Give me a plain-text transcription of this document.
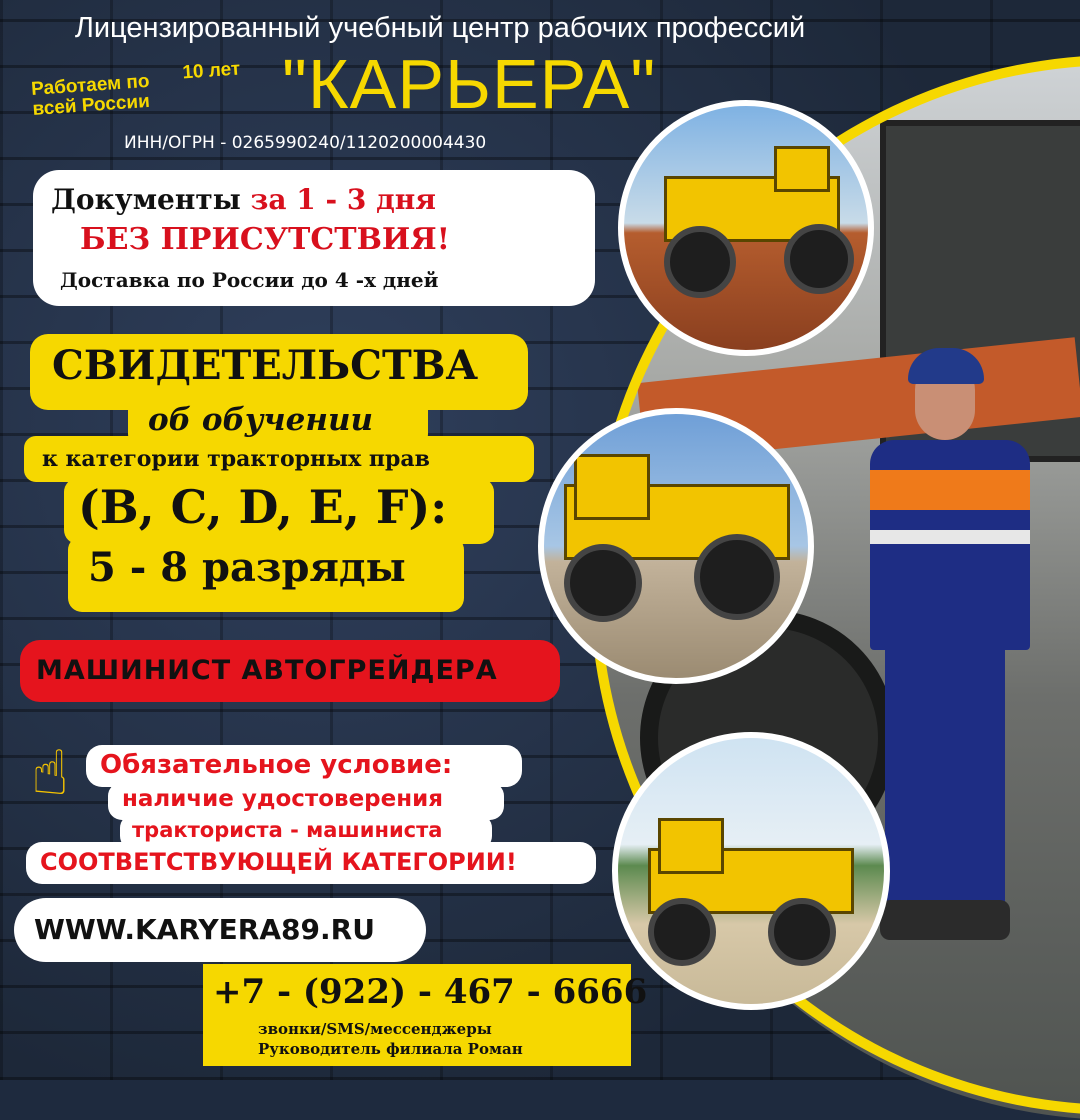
Лицензированный учебный центр рабочих профессий
Работаем по всей России
10 лет "КАРЬЕРА"
ИНН/ОГРН - 0265990240/1120200004430
Документы за 1 - 3 дня
БЕЗ ПРИСУТСТВИЯ!
Доставка по России до 4 -х дней
СВИДЕТЕЛЬСТВА
об обучении
к категории тракторных прав
(B, C, D, E, F):
5 - 8 разряды
МАШИНИСТ АВТОГРЕЙДЕРА
☝	Обязательное условие:
наличие удостоверения
тракториста - машиниста
СООТВЕТСТВУЮЩЕЙ КАТЕГОРИИ!
WWW.KARYERA89.RU
+7 - (922) - 467 - 6666
звонки/SMS/мессенджеры
Руководитель филиала Роман
